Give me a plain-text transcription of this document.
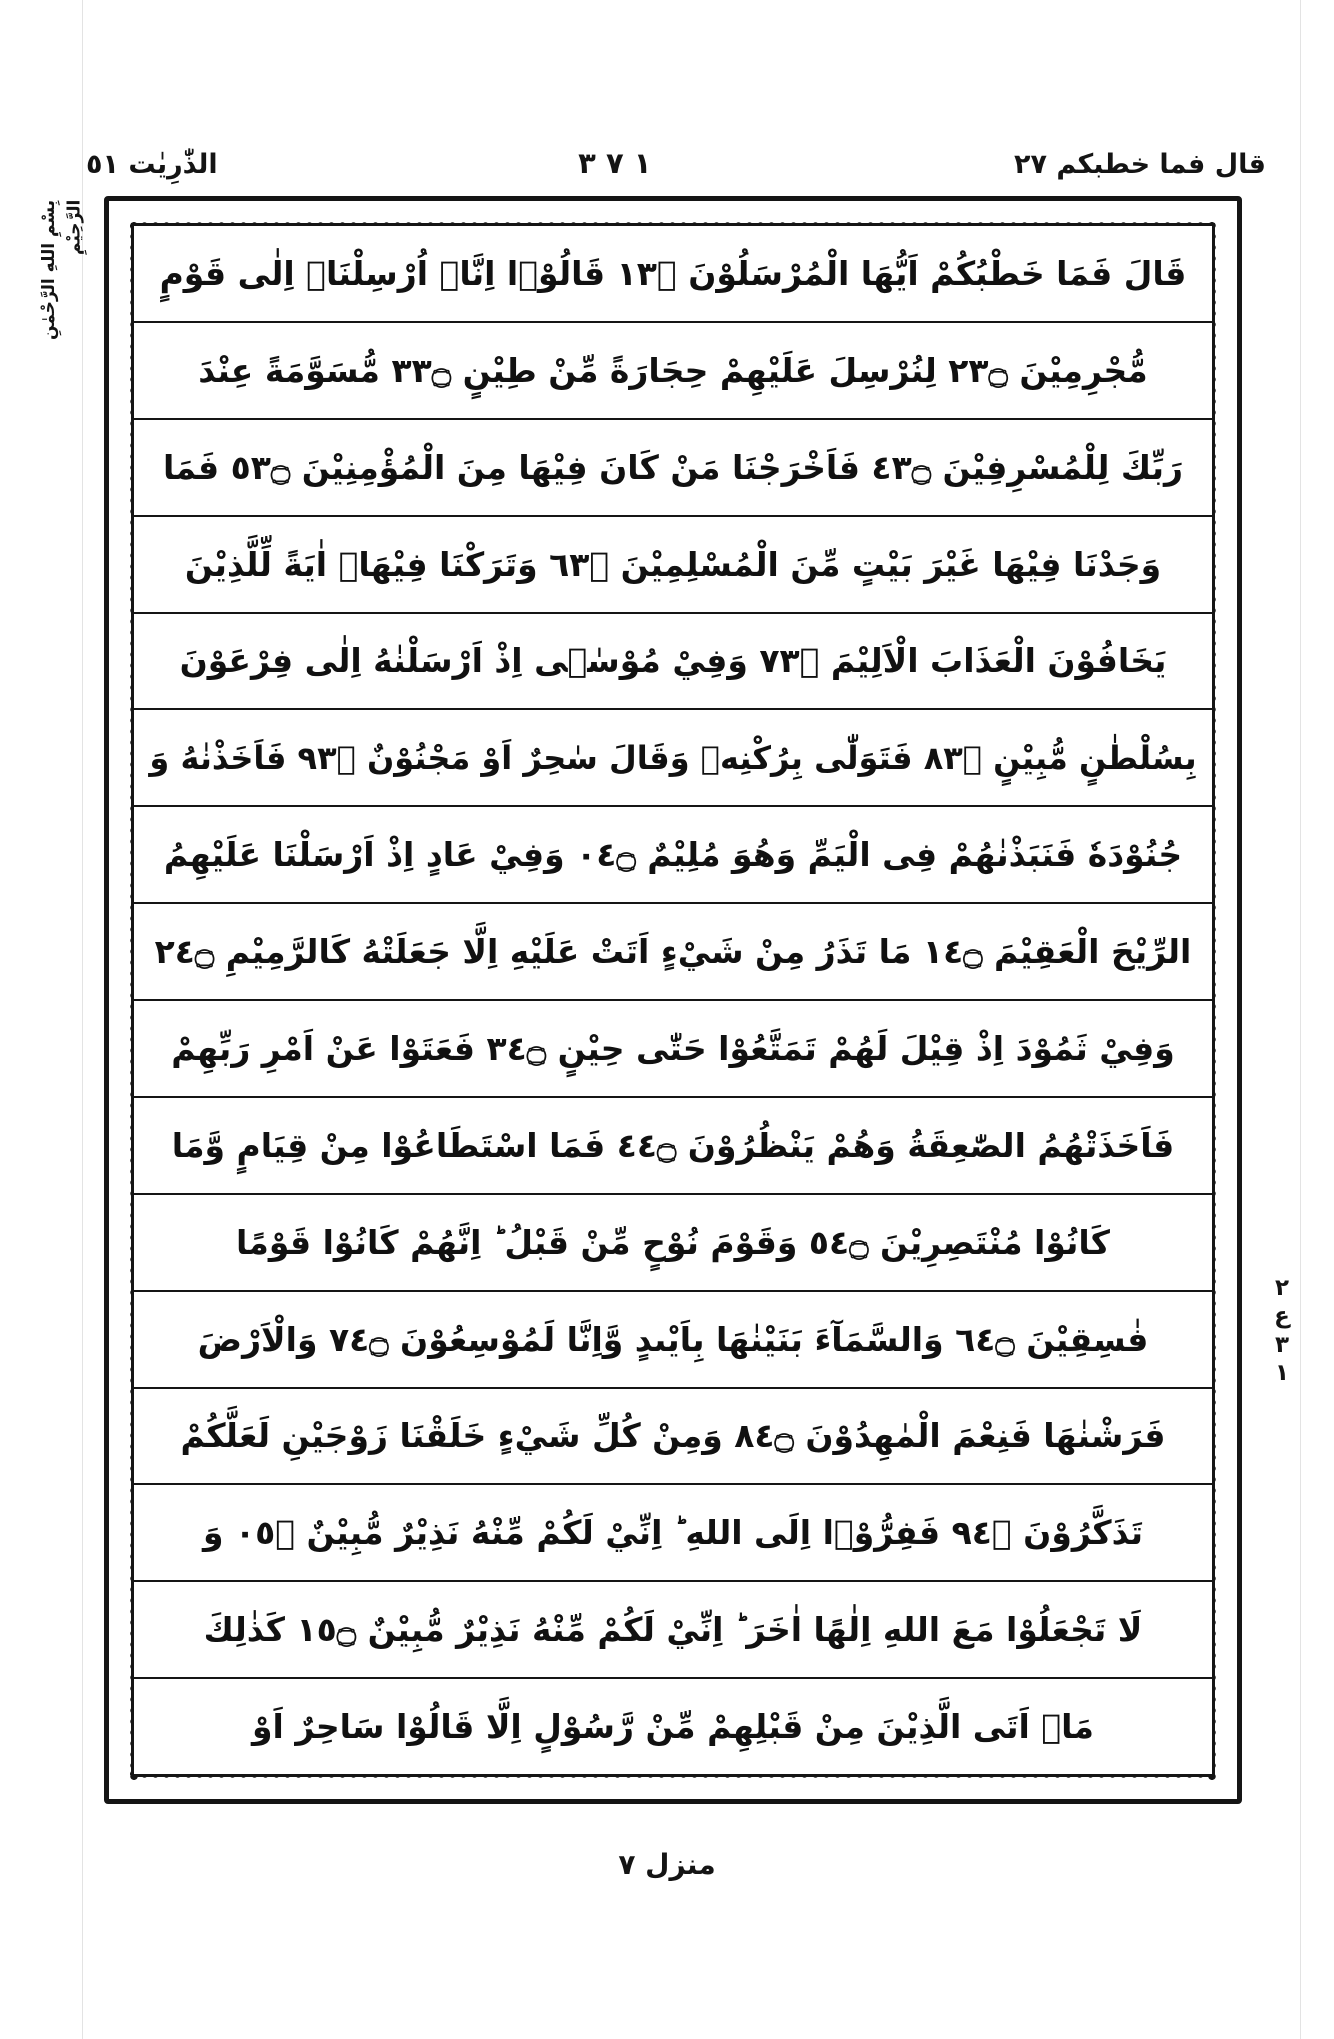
قال فما خطبكم ٢٧
١ ٧ ٣
الذّٰرِيٰت ٥١
بِسْمِ اللهِ الرَّحْمٰنِ الرَّحِيْمِ
٢
ع
٣
١
قَالَ فَمَا خَطْبُكُمْ اَيُّهَا الْمُرْسَلُوْنَ ۝٣١ قَالُوْۤا اِنَّاۤ اُرْسِلْنَاۤ اِلٰى قَوْمٍ
مُّجْرِمِيْنَ ۝٣٢ لِنُرْسِلَ عَلَيْهِمْ حِجَارَةً مِّنْ طِيْنٍ ۝٣٣ مُّسَوَّمَةً عِنْدَ
رَبِّكَ لِلْمُسْرِفِيْنَ ۝٣٤ فَاَخْرَجْنَا مَنْ كَانَ فِيْهَا مِنَ الْمُؤْمِنِيْنَ ۝٣٥ فَمَا
وَجَدْنَا فِيْهَا غَيْرَ بَيْتٍ مِّنَ الْمُسْلِمِيْنَ ۝٣٦ وَتَرَكْنَا فِيْهَاۤ اٰيَةً لِّلَّذِيْنَ
يَخَافُوْنَ الْعَذَابَ الْاَلِيْمَ ۝٣٧ وَفِيْ مُوْسٰۤى اِذْ اَرْسَلْنٰهُ اِلٰى فِرْعَوْنَ
بِسُلْطٰنٍ مُّبِيْنٍ ۝٣٨ فَتَوَلّٰى بِرُكْنِهٖ وَقَالَ سٰحِرٌ اَوْ مَجْنُوْنٌ ۝٣٩ فَاَخَذْنٰهُ وَ
جُنُوْدَهٗ فَنَبَذْنٰهُمْ فِى الْيَمِّ وَهُوَ مُلِيْمٌ ۝٤٠ وَفِيْ عَادٍ اِذْ اَرْسَلْنَا عَلَيْهِمُ
الرِّيْحَ الْعَقِيْمَ ۝٤١ مَا تَذَرُ مِنْ شَيْءٍ اَتَتْ عَلَيْهِ اِلَّا جَعَلَتْهُ كَالرَّمِيْمِ ۝٤٢
وَفِيْ ثَمُوْدَ اِذْ قِيْلَ لَهُمْ تَمَتَّعُوْا حَتّٰى حِيْنٍ ۝٤٣ فَعَتَوْا عَنْ اَمْرِ رَبِّهِمْ
فَاَخَذَتْهُمُ الصّٰعِقَةُ وَهُمْ يَنْظُرُوْنَ ۝٤٤ فَمَا اسْتَطَاعُوْا مِنْ قِيَامٍ وَّمَا
كَانُوْا مُنْتَصِرِيْنَ ۝٤٥ وَقَوْمَ نُوْحٍ مِّنْ قَبْلُ ؕ اِنَّهُمْ كَانُوْا قَوْمًا
فٰسِقِيْنَ ۝٤٦ وَالسَّمَآءَ بَنَيْنٰهَا بِاَيْىدٍ وَّاِنَّا لَمُوْسِعُوْنَ ۝٤٧ وَالْاَرْضَ
فَرَشْنٰهَا فَنِعْمَ الْمٰهِدُوْنَ ۝٤٨ وَمِنْ كُلِّ شَيْءٍ خَلَقْنَا زَوْجَيْنِ لَعَلَّكُمْ
تَذَكَّرُوْنَ ۝٤٩ فَفِرُّوْۤا اِلَى اللهِ ؕ اِنِّيْ لَكُمْ مِّنْهُ نَذِيْرٌ مُّبِيْنٌ ۝٥٠ وَ
لَا تَجْعَلُوْا مَعَ اللهِ اِلٰهًا اٰخَرَ ؕ اِنِّيْ لَكُمْ مِّنْهُ نَذِيْرٌ مُّبِيْنٌ ۝٥١ كَذٰلِكَ
مَاۤ اَتَى الَّذِيْنَ مِنْ قَبْلِهِمْ مِّنْ رَّسُوْلٍ اِلَّا قَالُوْا سَاحِرٌ اَوْ
منزل ٧
